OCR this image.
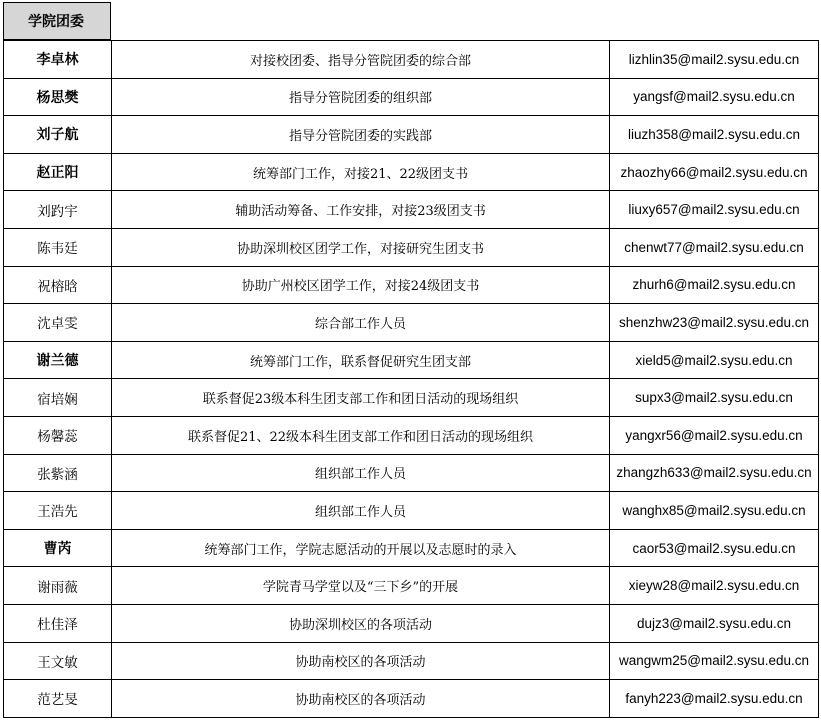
学院团委
李卓林	对接校团委、指导分管院团委的综合部	lizhlin35@mail2.sysu.edu.cn
杨思樊	指导分管院团委的组织部	yangsf@mail2.sysu.edu.cn
刘子航	指导分管院团委的实践部	liuzh358@mail2.sysu.edu.cn
赵正阳	统筹部门工作，对接21、22级团支书	zhaozhy66@mail2.sysu.edu.cn
刘趵宇	辅助活动筹备、工作安排，对接23级团支书	liuxy657@mail2.sysu.edu.cn
陈韦廷	协助深圳校区团学工作，对接研究生团支书	chenwt77@mail2.sysu.edu.cn
祝榕晗	协助广州校区团学工作，对接24级团支书	zhurh6@mail2.sysu.edu.cn
沈卓雯	综合部工作人员	shenzhw23@mail2.sysu.edu.cn
谢兰德	统筹部门工作，联系督促研究生团支部	xield5@mail2.sysu.edu.cn
宿培娴	联系督促23级本科生团支部工作和团日活动的现场组织	supx3@mail2.sysu.edu.cn
杨馨蕊	联系督促21、22级本科生团支部工作和团日活动的现场组织	yangxr56@mail2.sysu.edu.cn
张紫涵	组织部工作人员	zhangzh633@mail2.sysu.edu.cn
王浩先	组织部工作人员	wanghx85@mail2.sysu.edu.cn
曹芮	统筹部门工作，学院志愿活动的开展以及志愿时的录入	caor53@mail2.sysu.edu.cn
谢雨薇	学院青马学堂以及“三下乡”的开展	xieyw28@mail2.sysu.edu.cn
杜佳泽	协助深圳校区的各项活动	dujz3@mail2.sysu.edu.cn
王文敏	协助南校区的各项活动	wangwm25@mail2.sysu.edu.cn
范艺旻	协助南校区的各项活动	fanyh223@mail2.sysu.edu.cn
